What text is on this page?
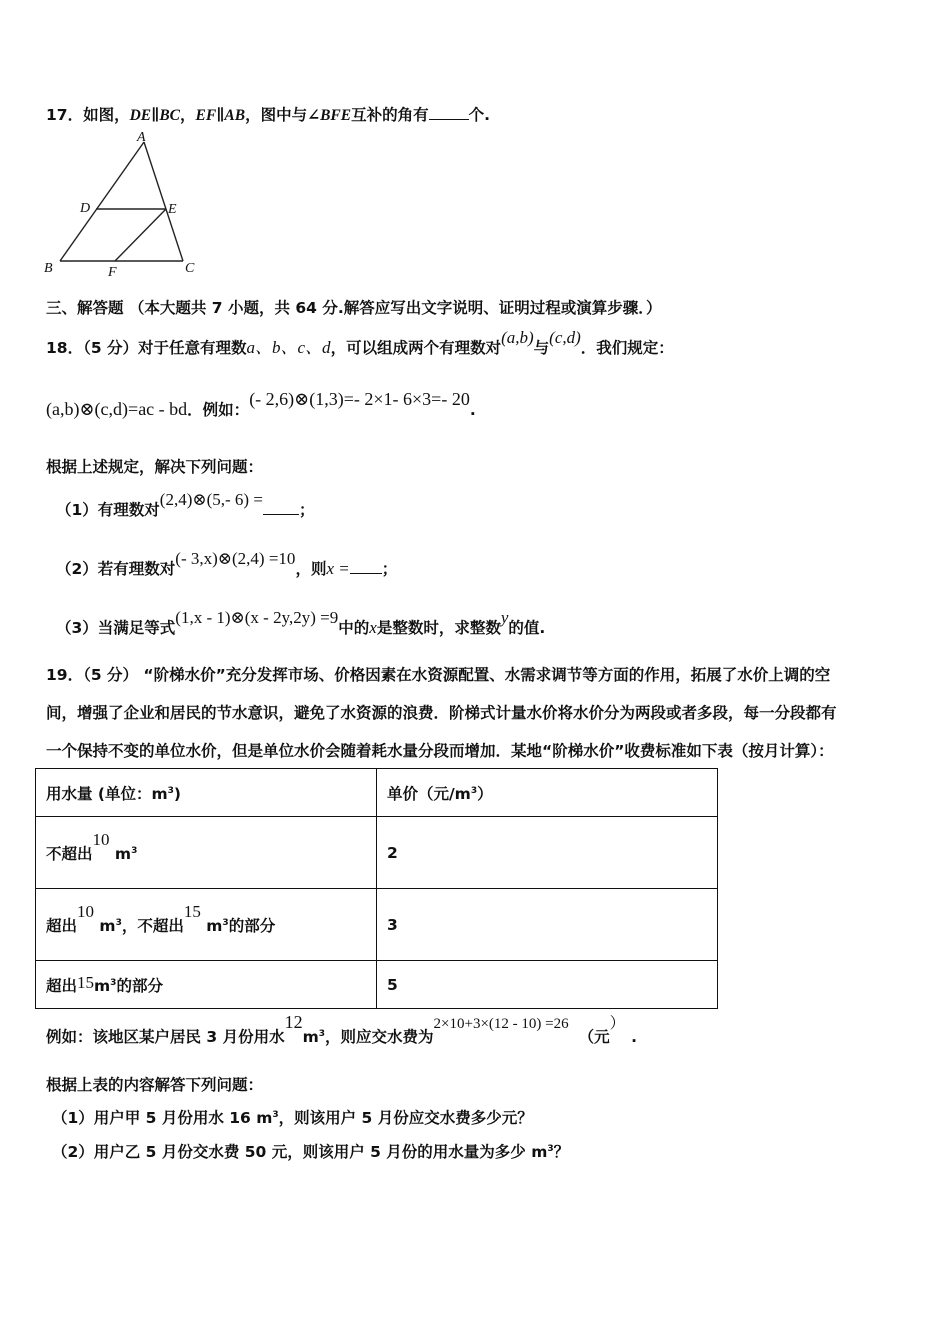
17．如图，DE∥BC，EF∥AB，图中与∠BFE互补的角有	个.
A
D	E
B	F	C
三、解答题 （本大题共 7 小题，共 64 分.解答应写出文字说明、证明过程或演算步骤．）
18．（5 分）对于任意有理数a、b、c、d，可以组成两个有理数对(a,b)与(c,d)．我们规定：
(a,b)⊗(c,d)=ac - bd．例如：(- 2,6)⊗(1,3)=- 2×1- 6×3=- 20.
根据上述规定，解决下列问题：
（1）有理数对(2,4)⊗(5,- 6) =；
（2）若有理数对(- 3,x)⊗(2,4) =10，则x = ；
（3）当满足等式(1,x - 1)⊗(x - 2y,2y) =9中的x是整数时，求整数y的值.
19．（5 分） “阶梯水价”充分发挥市场、价格因素在水资源配置、水需求调节等方面的作用，拓展了水价上调的空
间，增强了企业和居民的节水意识，避免了水资源的浪费．阶梯式计量水价将水价分为两段或者多段，每一分段都有
一个保持不变的单位水价，但是单位水价会随着耗水量分段而增加．某地“阶梯水价”收费标准如下表（按月计算）：
用水量 (单位：$m^3$)	单价（元$/m^3$）
不超出10 $m^3$	2
超出10 $m^3$，不超出15 $m^3$的部分	3
超出$15m^3$的部分	5
例如：该地区某户居民 3 月份用水$12m^3$，则应交水费为2×10+3×(12 - 10) =26（元）.
根据上表的内容解答下列问题：
（1）用户甲 5 月份用水 16 $m^3$，则该用户 5 月份应交水费多少元？
（2）用户乙 5 月份交水费 50 元，则该用户 5 月份的用水量为多少 $m^3$？
